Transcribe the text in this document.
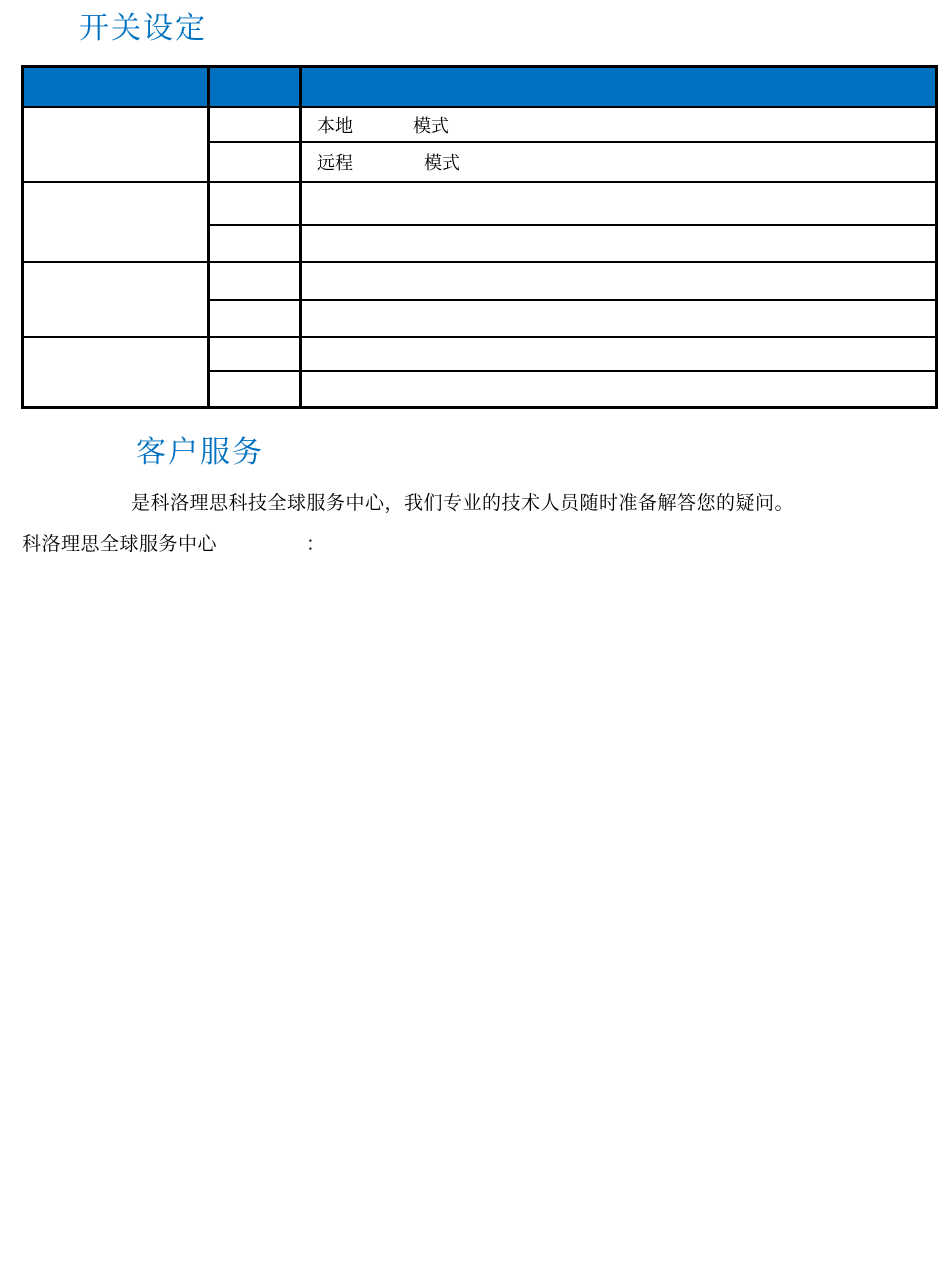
开关设定

		本地 模式
		远程 模式

客户服务
是科洛理思科技全球服务中心，我们专业的技术人员随时准备解答您的疑问。
科洛理思全球服务中心	：
